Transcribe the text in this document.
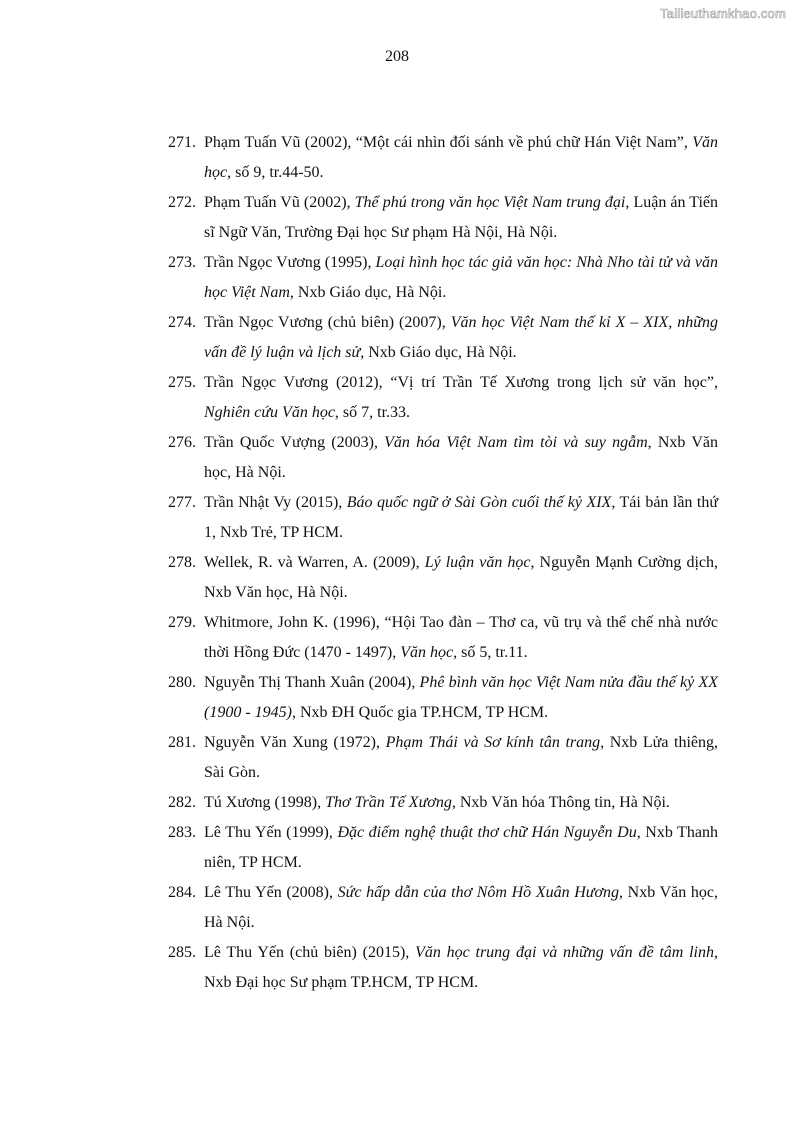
Tailieuthamkhao.com
208
271. Phạm Tuấn Vũ (2002), “Một cái nhìn đối sánh về phú chữ Hán Việt Nam”, Văn học, số 9, tr.44-50.
272. Phạm Tuấn Vũ (2002), Thể phú trong văn học Việt Nam trung đại, Luận án Tiến sĩ Ngữ Văn, Trường Đại học Sư phạm Hà Nội, Hà Nội.
273. Trần Ngọc Vương (1995), Loại hình học tác giả văn học: Nhà Nho tài tử và văn học Việt Nam, Nxb Giáo dục, Hà Nội.
274. Trần Ngọc Vương (chủ biên) (2007), Văn học Việt Nam thế kỉ X – XIX, những vấn đề lý luận và lịch sử, Nxb Giáo dục, Hà Nội.
275. Trần Ngọc Vương (2012), “Vị trí Trần Tế Xương trong lịch sử văn học”, Nghiên cứu Văn học, số 7, tr.33.
276. Trần Quốc Vượng (2003), Văn hóa Việt Nam tìm tòi và suy ngẫm, Nxb Văn học, Hà Nội.
277. Trần Nhật Vy (2015), Báo quốc ngữ ở Sài Gòn cuối thế kỷ XIX, Tái bản lần thứ 1, Nxb Trẻ, TP HCM.
278. Wellek, R. và Warren, A. (2009), Lý luận văn học, Nguyễn Mạnh Cường dịch, Nxb Văn học, Hà Nội.
279. Whitmore, John K. (1996), “Hội Tao đàn – Thơ ca, vũ trụ và thể chế nhà nước thời Hồng Đức (1470 - 1497), Văn học, số 5, tr.11.
280. Nguyễn Thị Thanh Xuân (2004), Phê bình văn học Việt Nam nửa đầu thế kỷ XX (1900 - 1945), Nxb ĐH Quốc gia TP.HCM, TP HCM.
281. Nguyễn Văn Xung (1972), Phạm Thái và Sơ kính tân trang, Nxb Lửa thiêng, Sài Gòn.
282. Tú Xương (1998), Thơ Trần Tế Xương, Nxb Văn hóa Thông tin, Hà Nội.
283. Lê Thu Yến (1999), Đặc điểm nghệ thuật thơ chữ Hán Nguyễn Du, Nxb Thanh niên, TP HCM.
284. Lê Thu Yến (2008), Sức hấp dẫn của thơ Nôm Hồ Xuân Hương, Nxb Văn học, Hà Nội.
285. Lê Thu Yến (chủ biên) (2015), Văn học trung đại và những vấn đề tâm linh, Nxb Đại học Sư phạm TP.HCM, TP HCM.
